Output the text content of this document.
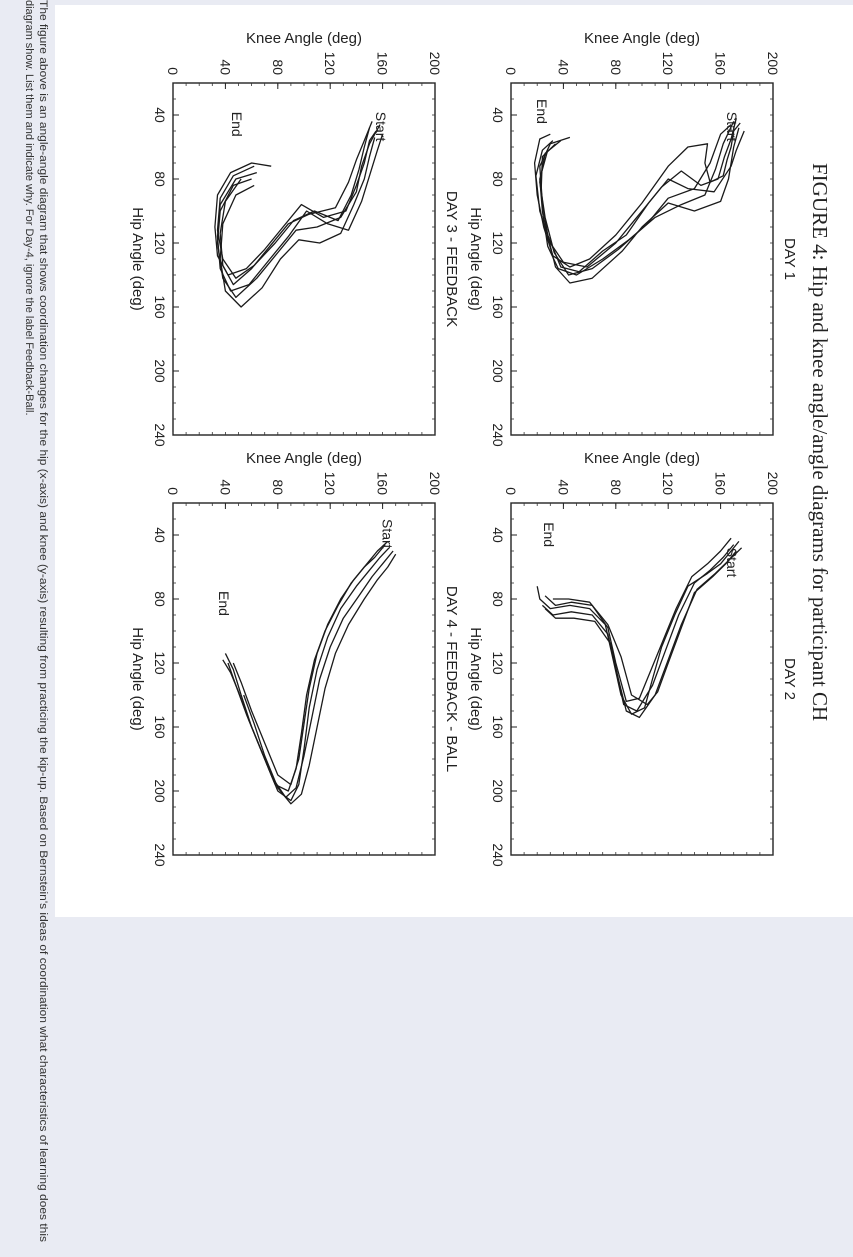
FIGURE 4: Hip and knee angle/angle diagrams for participant CH
40
80
120
160
200
240
0	40	80	120	160	200
DAY 1
Hip Angle (deg)
Knee Angle (deg)
Start
End
40
80
120
160
200
240
0	40	80	120	160	200
DAY 2
Hip Angle (deg)
Knee Angle (deg)
Start
End
40
80
120
160
200
240
0	40	80	120	160	200
DAY 3 - FEEDBACK
Hip Angle (deg)
Knee Angle (deg)
Start
End
40
80
120
160
200
240
0	40	80	120	160	200
DAY 4 - FEEDBACK - BALL
Hip Angle (deg)
Knee Angle (deg)
Start
End
The figure above is an angle-angle diagram that shows coordination changes for the hip (x-axis) and knee (y-axis) resulting from practicing the kip-up. Based on Bernstein's ideas of coordination what characteristics of learning does this
diagram show. List them and indicate why. For Day-4, ignore the label Feedback-Ball.
